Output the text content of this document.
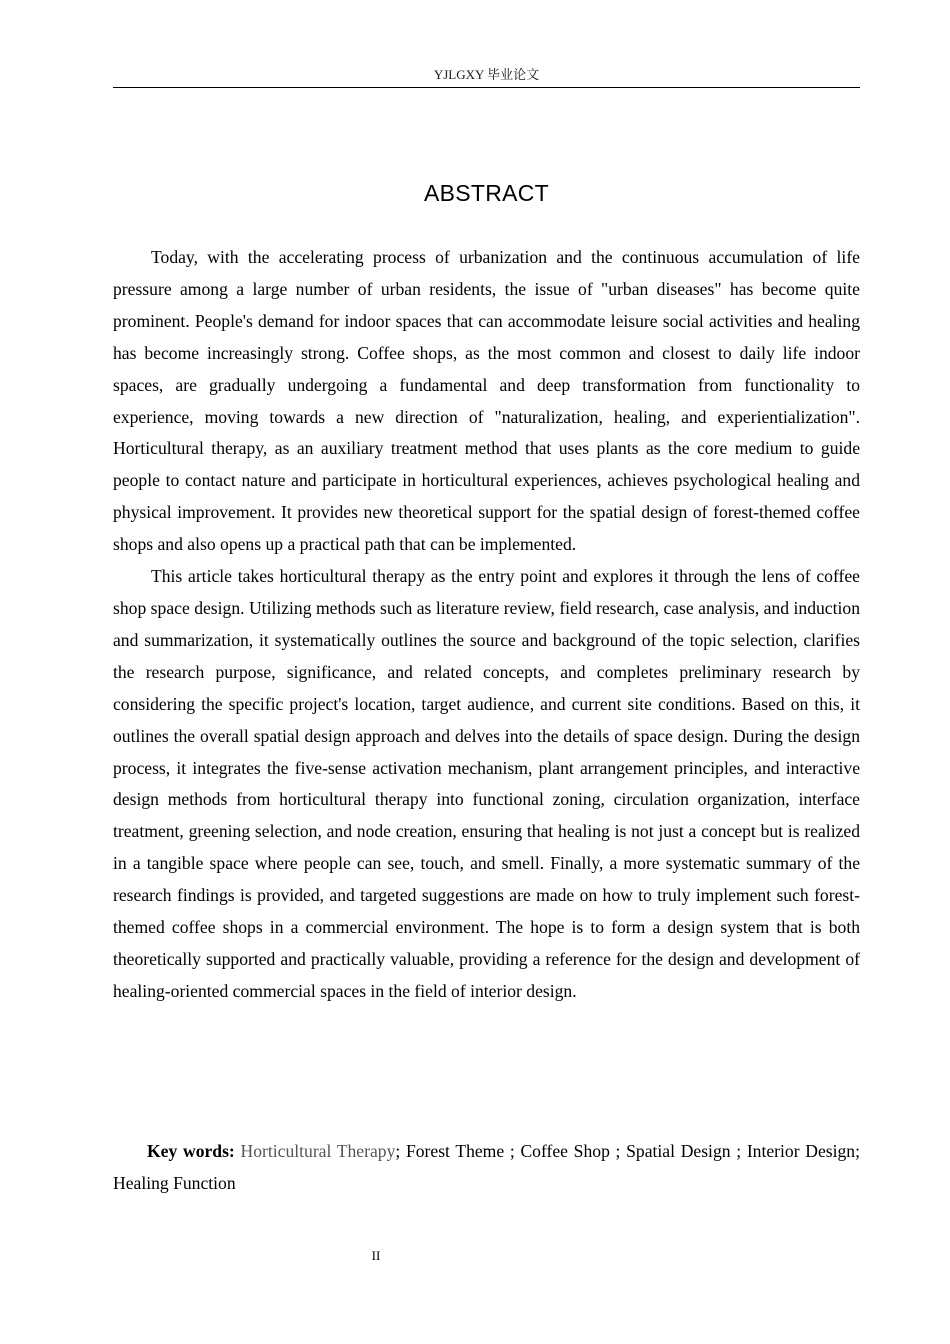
YJLGXY 毕业论文
ABSTRACT

Today, with the accelerating process of urbanization and the continuous accumulation of life pressure among a large number of urban residents, the issue of "urban diseases" has become quite prominent. People's demand for indoor spaces that can accommodate leisure social activities and healing has become increasingly strong. Coffee shops, as the most common and closest to daily life indoor spaces, are gradually undergoing a fundamental and deep transformation from functionality to experience, moving towards a new direction of "naturalization, healing, and experientialization". Horticultural therapy, as an auxiliary treatment method that uses plants as the core medium to guide people to contact nature and participate in horticultural experiences, achieves psychological healing and physical improvement. It provides new theoretical support for the spatial design of forest-themed coffee shops and also opens up a practical path that can be implemented.

This article takes horticultural therapy as the entry point and explores it through the lens of coffee shop space design. Utilizing methods such as literature review, field research, case analysis, and induction and summarization, it systematically outlines the source and background of the topic selection, clarifies the research purpose, significance, and related concepts, and completes preliminary research by considering the specific project's location, target audience, and current site conditions. Based on this, it outlines the overall spatial design approach and delves into the details of space design. During the design process, it integrates the five-sense activation mechanism, plant arrangement principles, and interactive design methods from horticultural therapy into functional zoning, circulation organization, interface treatment, greening selection, and node creation, ensuring that healing is not just a concept but is realized in a tangible space where people can see, touch, and smell. Finally, a more systematic summary of the research findings is provided, and targeted suggestions are made on how to truly implement such forest-themed coffee shops in a commercial environment. The hope is to form a design system that is both theoretically supported and practically valuable, providing a reference for the design and development of healing-oriented commercial spaces in the field of interior design.

Key words: Horticultural Therapy; Forest Theme ; Coffee Shop ; Spatial Design ; Interior Design; Healing Function
II
